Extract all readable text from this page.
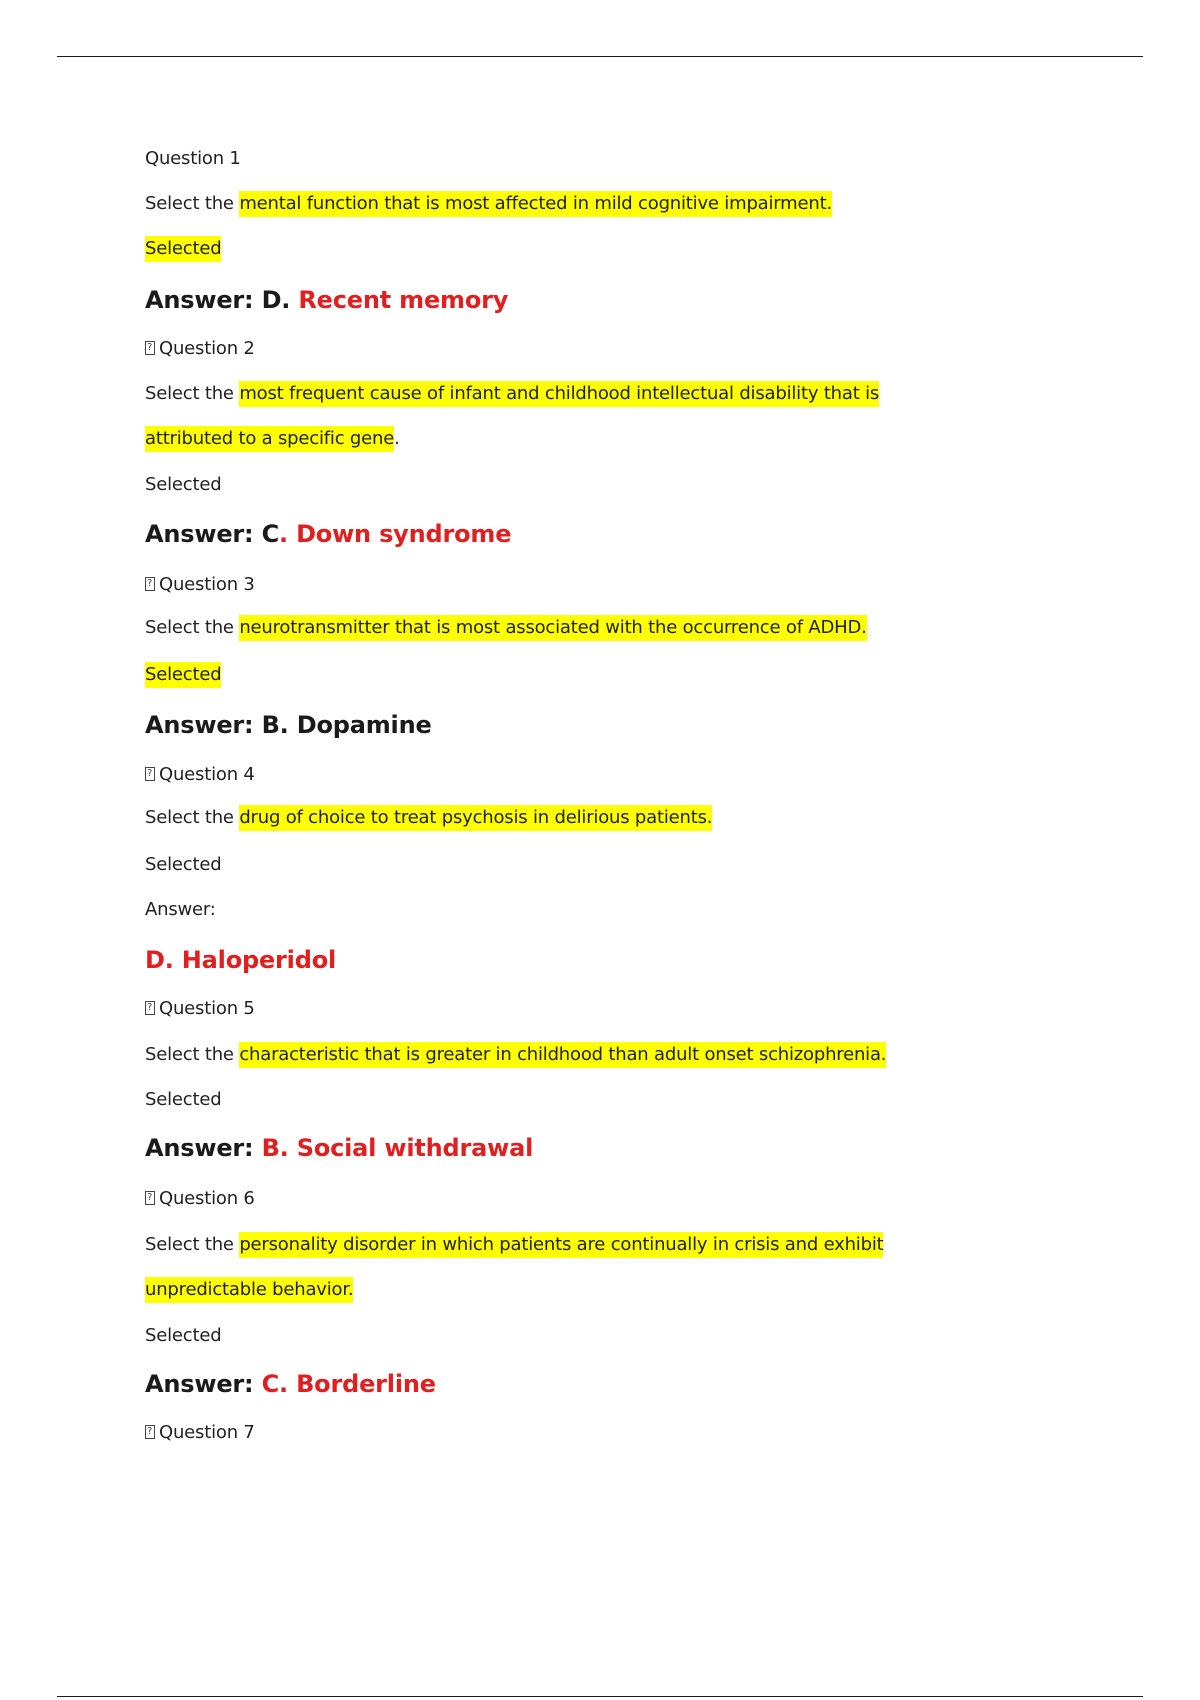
Question 1
Select the mental function that is most affected in mild cognitive impairment.
Selected
Answer: D. Recent memory
?Question 2
Select the most frequent cause of infant and childhood intellectual disability that is
attributed to a specific gene.
Selected
Answer: C. Down syndrome
?Question 3
Select the neurotransmitter that is most associated with the occurrence of ADHD.
Selected
Answer: B. Dopamine
?Question 4
Select the drug of choice to treat psychosis in delirious patients.
Selected
Answer:
D. Haloperidol
?Question 5
Select the characteristic that is greater in childhood than adult onset schizophrenia.
Selected
Answer: B. Social withdrawal
?Question 6
Select the personality disorder in which patients are continually in crisis and exhibit
unpredictable behavior.
Selected
Answer: C. Borderline
?Question 7
